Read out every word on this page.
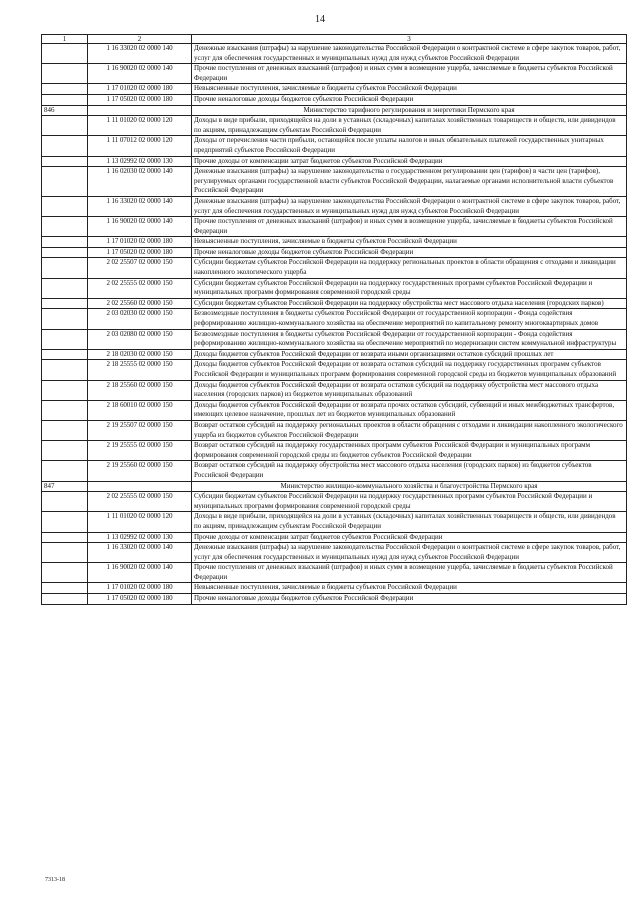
14
1	2	3
	1 16 33020 02 0000 140	Денежные взыскания (штрафы) за нарушение законодательства Российской Федерации о контрактной системе в сфере закупок товаров, работ, услуг для обеспечения государственных и муниципальных нужд для нужд субъектов Российской Федерации
	1 16 90020 02 0000 140	Прочие поступления от денежных взысканий (штрафов) и иных сумм в возмещение ущерба, зачисляемые в бюджеты субъектов Российской Федерации
	1 17 01020 02 0000 180	Невыясненные поступления, зачисляемые в бюджеты субъектов Российской Федерации
	1 17 05020 02 0000 180	Прочие неналоговые доходы бюджетов субъектов Российской Федерации
846		Министерство тарифного регулирования и энергетики Пермского края
	1 11 01020 02 0000 120	Доходы в виде прибыли, приходящейся на доли в уставных (складочных) капиталах хозяйственных товариществ и обществ, или дивидендов по акциям, принадлежащим субъектам Российской Федерации
	1 11 07012 02 0000 120	Доходы от перечисления части прибыли, остающейся после уплаты налогов и иных обязательных платежей государственных унитарных предприятий субъектов Российской Федерации
	1 13 02992 02 0000 130	Прочие доходы от компенсации затрат бюджетов субъектов Российской Федерации
	1 16 02030 02 0000 140	Денежные взыскания (штрафы) за нарушение законодательства о государственном регулировании цен (тарифов) в части цен (тарифов), регулируемых органами государственной власти субъектов Российской Федерации, налагаемые органами исполнительной власти субъектов Российской Федерации
	1 16 33020 02 0000 140	Денежные взыскания (штрафы) за нарушение законодательства Российской Федерации о контрактной системе в сфере закупок товаров, работ, услуг для обеспечения государственных и муниципальных нужд для нужд субъектов Российской Федерации
	1 16 90020 02 0000 140	Прочие поступления от денежных взысканий (штрафов) и иных сумм в возмещение ущерба, зачисляемые в бюджеты субъектов Российской Федерации
	1 17 01020 02 0000 180	Невыясненные поступления, зачисляемые в бюджеты субъектов Российской Федерации
	1 17 05020 02 0000 180	Прочие неналоговые доходы бюджетов субъектов Российской Федерации
	2 02 25507 02 0000 150	Субсидии бюджетам субъектов Российской Федерации на поддержку региональных проектов в области обращения с отходами и ликвидации накопленного экологического ущерба
	2 02 25555 02 0000 150	Субсидии бюджетам субъектов Российской Федерации на поддержку государственных программ субъектов Российской Федерации и муниципальных программ формирования современной городской среды
	2 02 25560 02 0000 150	Субсидии бюджетам субъектов Российской Федерации на поддержку обустройства мест массового отдыха населения (городских парков)
	2 03 02030 02 0000 150	Безвозмездные поступления в бюджеты субъектов Российской Федерации от государственной корпорации - Фонда содействия реформированию жилищно-коммунального хозяйства на обеспечение мероприятий по капитальному ремонту многоквартирных домов
	2 03 02080 02 0000 150	Безвозмездные поступления в бюджеты субъектов Российской Федерации от государственной корпорации - Фонда содействия реформированию жилищно-коммунального хозяйства на обеспечение мероприятий по модернизации систем коммунальной инфраструктуры
	2 18 02030 02 0000 150	Доходы бюджетов субъектов Российской Федерации от возврата иными организациями остатков субсидий прошлых лет
	2 18 25555 02 0000 150	Доходы бюджетов субъектов Российской Федерации от возврата остатков субсидий на поддержку государственных программ субъектов Российской Федерации и муниципальных программ формирования современной городской среды из бюджетов муниципальных образований
	2 18 25560 02 0000 150	Доходы бюджетов субъектов Российской Федерации от возврата остатков субсидий на поддержку обустройства мест массового отдыха населения (городских парков) из бюджетов муниципальных образований
	2 18 60010 02 0000 150	Доходы бюджетов субъектов Российской Федерации от возврата прочих остатков субсидий, субвенций и иных межбюджетных трансфертов, имеющих целевое назначение, прошлых лет из бюджетов муниципальных образований
	2 19 25507 02 0000 150	Возврат остатков субсидий на поддержку региональных проектов в области обращения с отходами и ликвидации накопленного экологического ущерба из бюджетов субъектов Российской Федерации
	2 19 25555 02 0000 150	Возврат остатков субсидий на поддержку государственных программ субъектов Российской Федерации и муниципальных программ формирования современной городской среды из бюджетов субъектов Российской Федерации
	2 19 25560 02 0000 150	Возврат остатков субсидий на поддержку обустройства мест массового отдыха населения (городских парков) из бюджетов субъектов Российской Федерации
847		Министерство жилищно-коммунального хозяйства и благоустройства Пермского края
	2 02 25555 02 0000 150	Субсидии бюджетам субъектов Российской Федерации на поддержку государственных программ субъектов Российской Федерации и муниципальных программ формирования современной городской среды
	1 11 01020 02 0000 120	Доходы в виде прибыли, приходящейся на доли в уставных (складочных) капиталах хозяйственных товариществ и обществ, или дивидендов по акциям, принадлежащим субъектам Российской Федерации
	1 13 02992 02 0000 130	Прочие доходы от компенсации затрат бюджетов субъектов Российской Федерации
	1 16 33020 02 0000 140	Денежные взыскания (штрафы) за нарушение законодательства Российской Федерации о контрактной системе в сфере закупок товаров, работ, услуг для обеспечения государственных и муниципальных нужд для нужд субъектов Российской Федерации
	1 16 90020 02 0000 140	Прочие поступления от денежных взысканий (штрафов) и иных сумм в возмещение ущерба, зачисляемые в бюджеты субъектов Российской Федерации
	1 17 01020 02 0000 180	Невыясненные поступления, зачисляемые в бюджеты субъектов Российской Федерации
	1 17 05020 02 0000 180	Прочие неналоговые доходы бюджетов субъектов Российской Федерации
7313-18
